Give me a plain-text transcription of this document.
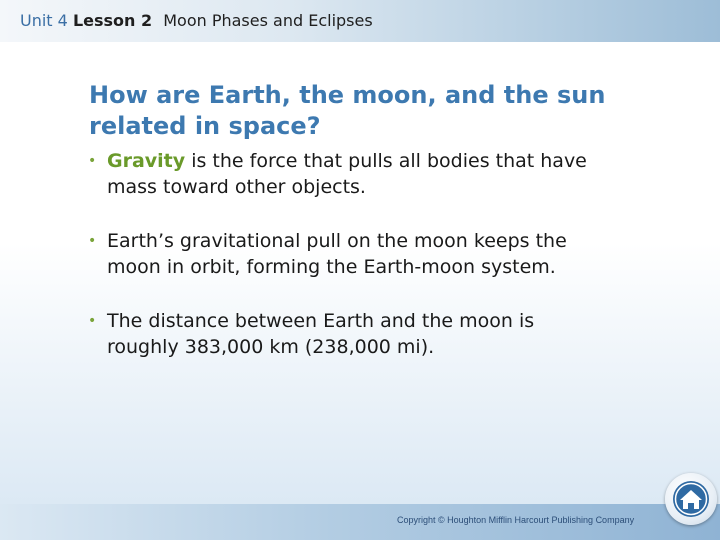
Unit 4 Lesson 2 Moon Phases and Eclipses
How are Earth, the moon, and the sun
related in space?
• Gravity is the force that pulls all bodies that have
mass toward other objects.
• Earth’s gravitational pull on the moon keeps the
moon in orbit, forming the Earth-moon system.
• The distance between Earth and the moon is
roughly 383,000 km (238,000 mi).
Copyright © Houghton Mifflin Harcourt Publishing Company
